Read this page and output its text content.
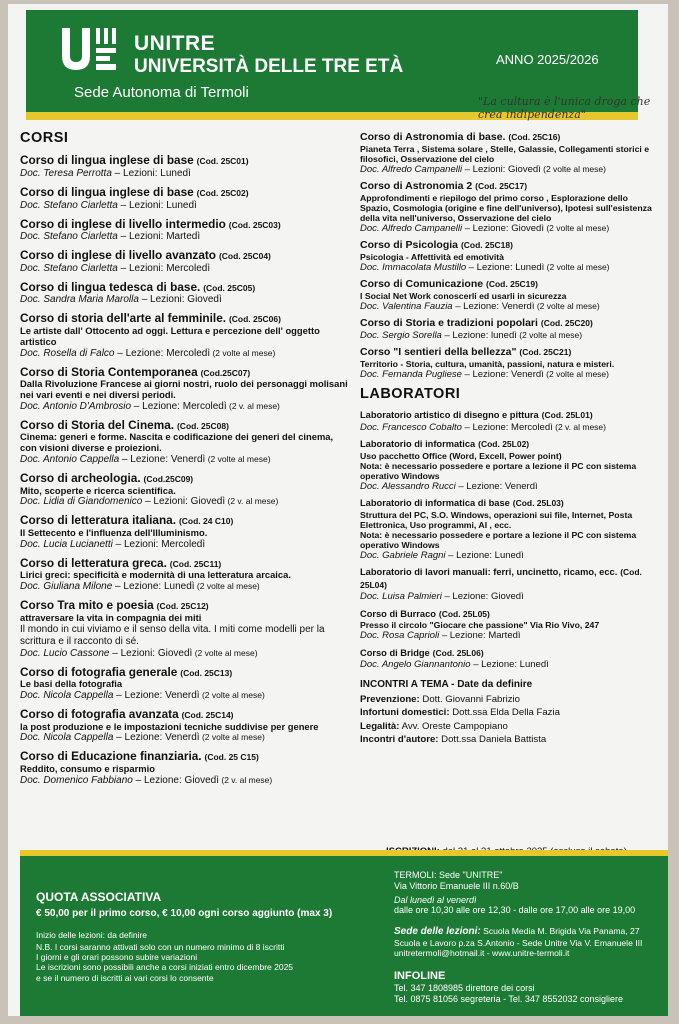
UNITRE
UNIVERSITÀ DELLE TRE ETÀ
Sede Autonoma di Termoli
ANNO 2025/2026
"La cultura è l'unica droga che crea indipendenza"
CORSI
Corso di lingua inglese di base (Cod. 25C01)
Doc. Teresa Perrotta – Lezioni: Lunedì
Corso di lingua inglese di base (Cod. 25C02)
Doc. Stefano Ciarletta – Lezioni: Lunedì
Corso di inglese di livello intermedio (Cod. 25C03)
Doc. Stefano Ciarletta – Lezioni: Martedì
Corso di inglese di livello avanzato (Cod. 25C04)
Doc. Stefano Ciarletta – Lezioni: Mercoledì
Corso di lingua tedesca di base. (Cod. 25C05)
Doc. Sandra Maria Marolla – Lezioni: Giovedì
Corso di storia dell'arte al femminile. (Cod. 25C06)
Le artiste dall' Ottocento ad oggi. Lettura e percezione dell' oggetto artistico
Doc. Rosella di Falco – Lezione: Mercoledì (2 volte al mese)
Corso di Storia Contemporanea (Cod.25C07)
Dalla Rivoluzione Francese ai giorni nostri, ruolo dei personaggi molisani nei vari eventi e nei diversi periodi.
Doc. Antonio D'Ambrosio – Lezione: Mercoledì (2 v. al mese)
Corso di Storia del Cinema. (Cod. 25C08)
Cinema: generi e forme. Nascita e codificazione dei generi del cinema, con visioni diverse e proiezioni.
Doc. Antonio Cappella – Lezione: Venerdì (2 volte al mese)
Corso di archeologia. (Cod.25C09)
Mito, scoperte e ricerca scientifica.
Doc. Lidia di Giandomenico – Lezioni: Giovedì (2 v. al mese)
Corso di letteratura italiana. (Cod. 24 C10)
Il Settecento e l'influenza dell'Illuminismo.
Doc. Lucia Lucianetti – Lezioni: Mercoledì
Corso di letteratura greca. (Cod. 25C11)
Lirici greci: specificità e modernità di una letteratura arcaica.
Doc. Giuliana Milone – Lezione: Lunedì (2 volte al mese)
Corso Tra mito e poesia (Cod. 25C12)
attraversare la vita in compagnia dei miti
Il mondo in cui viviamo e il senso della vita. I miti come modelli per la scrittura e il racconto di sé.
Doc. Lucio Cassone – Lezioni: Giovedì (2 volte al mese)
Corso di fotografia generale (Cod. 25C13)
Le basi della fotografia
Doc. Nicola Cappella – Lezione: Venerdì (2 volte al mese)
Corso di fotografia avanzata (Cod. 25C14)
la post produzione e le impostazioni tecniche suddivise per genere
Doc. Nicola Cappella – Lezione: Venerdì (2 volte al mese)
Corso di Educazione finanziaria. (Cod. 25 C15)
Reddito, consumo e risparmio
Doc. Domenico Fabbiano – Lezione: Giovedì (2 v. al mese)
Corso di Astronomia di base. (Cod. 25C16)
Pianeta Terra , Sistema solare , Stelle, Galassie, Collegamenti storici e filosofici, Osservazione del cielo
Doc. Alfredo Campanelli – Lezioni: Giovedì (2 volte al mese)
Corso di Astronomia 2 (Cod. 25C17)
Approfondimenti e riepilogo del primo corso , Esplorazione dello Spazio, Cosmologia (origine e fine dell'universo), Ipotesi sull'esistenza della vita nell'universo, Osservazione del cielo
Doc. Alfredo Campanelli – Lezione: Giovedì (2 volte al mese)
Corso di Psicologia (Cod. 25C18)
Psicologia - Affettività ed emotività
Doc. Immacolata Mustillo – Lezione: Lunedì (2 volte al mese)
Corso di Comunicazione (Cod. 25C19)
I Social Net Work conoscerli ed usarli in sicurezza
Doc. Valentina Fauzia – Lezione: Venerdì (2 volte al mese)
Corso di Storia e tradizioni popolari (Cod. 25C20)
Doc. Sergio Sorella – Lezione: lunedì (2 volte al mese)
Corso "I sentieri della bellezza" (Cod. 25C21)
Territorio - Storia, cultura, umanità, passioni, natura e misteri.
Doc. Fernanda Pugliese – Lezione: Venerdì (2 volte al mese)
LABORATORI
Laboratorio artistico di disegno e pittura (Cod. 25L01)
Doc. Francesco Cobalto – Lezione: Mercoledì (2 v. al mese)
Laboratorio di informatica (Cod. 25L02)
Uso pacchetto Office (Word, Excell, Power point)
Nota: è necessario possedere e portare a lezione il PC con sistema operativo Windows
Doc. Alessandro Rucci – Lezione: Venerdì
Laboratorio di informatica di base (Cod. 25L03)
Struttura del PC, S.O. Windows, operazioni sui file, Internet, Posta Elettronica, Uso programmi, AI , ecc.
Nota: è necessario possedere e portare a lezione il PC con sistema operativo Windows
Doc. Gabriele Ragni – Lezione: Lunedì
Laboratorio di lavori manuali: ferri, uncinetto, ricamo, ecc. (Cod. 25L04)
Doc. Luisa Palmieri – Lezione: Giovedì
Corso di Burraco (Cod. 25L05)
Presso il circolo "Giocare che passione" Via Rio Vivo, 247
Doc. Rosa Caprioli – Lezione: Martedì
Corso di Bridge (Cod. 25L06)
Doc. Angelo Giannantonio – Lezione: Lunedì
INCONTRI A TEMA - Date da definire
Prevenzione: Dott. Giovanni Fabrizio
Infortuni domestici: Dott.ssa Elda Della Fazia
Legalità: Avv. Oreste Campopiano
Incontri d'autore: Dott.ssa Daniela Battista
TERMOLI: Sede "UNITRE"
Via Vittorio Emanuele III n.60/B
Dal lunedì al venerdì
dalle ore 10,30 alle ore 12,30 - dalle ore 17,00 alle ore 19,00
Sede delle lezioni: Scuola Media M. Brigida Via Panama, 27 Scuola e Lavoro p.za S.Antonio - Sede Unitre Via V. Emanuele III
unitretermoli@hotmail.it - www.unitre-termoli.it
INFOLINE
Tel. 347 1808985 direttore dei corsi
Tel. 0875 81056 segreteria - Tel. 347 8552032 consigliere
QUOTA ASSOCIATIVA
€ 50,00 per il primo corso, € 10,00 ogni corso aggiunto (max 3)
Inizio delle lezioni: da definire
N.B. I corsi saranno attivati solo con un numero minimo di 8 iscritti
I giorni e gli orari possono subire variazioni
Le iscrizioni sono possibili anche a corsi iniziati entro dicembre 2025
e se il numero di iscritti ai vari corsi lo consente
